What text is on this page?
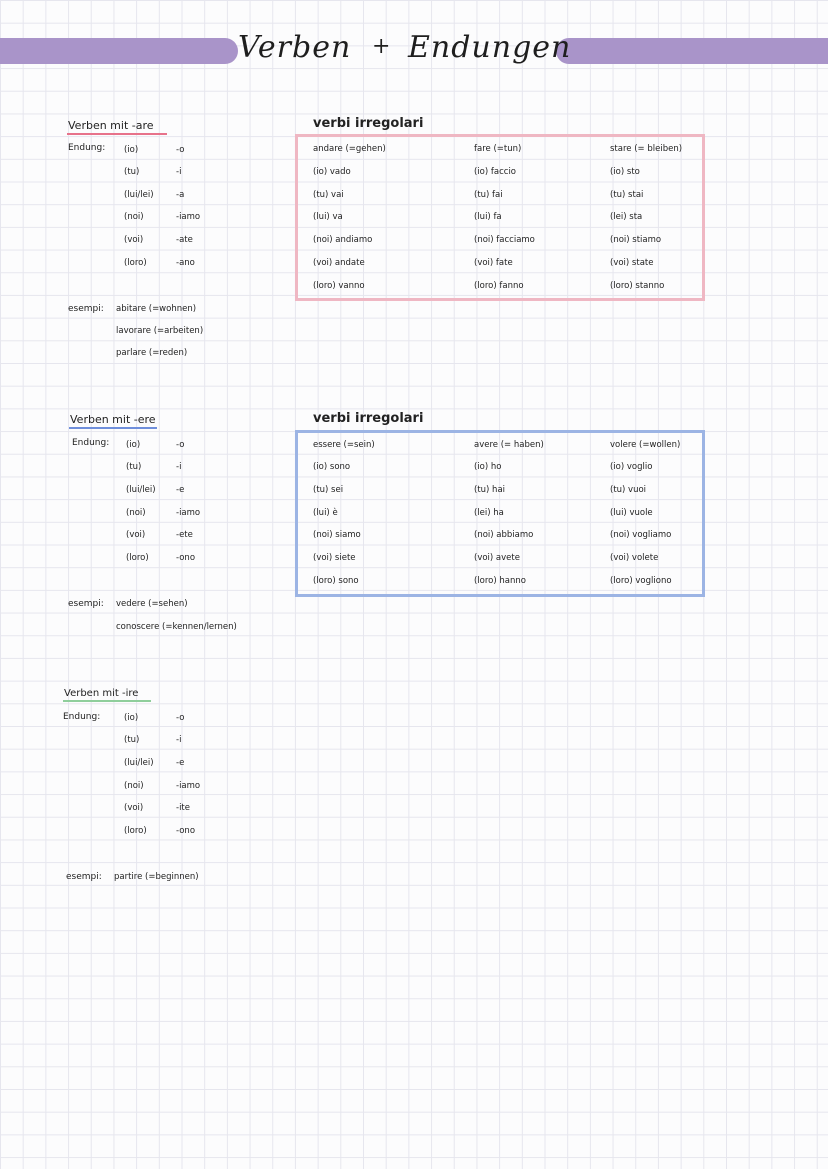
Verben + Endungen
Verben mit -are
Endung: (io)
(tu)
(lui/lei)
(noi)
(voi)
(loro)
-o
-i
-a
-iamo
-ate
-ano
esempi: abitare (=wohnen)
lavorare (=arbeiten)
parlare (=reden)
verbi irregolari
andare (=gehen)
(io) vado
(tu) vai
(lui) va
(noi) andiamo
(voi) andate
(loro) vanno
fare (=tun)
(io) faccio
(tu) fai
(lui) fa
(noi) facciamo
(voi) fate
(loro) fanno
stare (= bleiben)
(io) sto
(tu) stai
(lei) sta
(noi) stiamo
(voi) state
(loro) stanno
Verben mit -ere
Endung: (io)
(tu)
(lui/lei)
(noi)
(voi)
(loro)
-o
-i
-e
-iamo
-ete
-ono
esempi: vedere (=sehen)
conoscere (=kennen/lernen)
verbi irregolari
essere (=sein)
(io) sono
(tu) sei
(lui) è
(noi) siamo
(voi) siete
(loro) sono
avere (= haben)
(io) ho
(tu) hai
(lei) ha
(noi) abbiamo
(voi) avete
(loro) hanno
volere (=wollen)
(io) voglio
(tu) vuoi
(lui) vuole
(noi) vogliamo
(voi) volete
(loro) vogliono
Verben mit -ire
Endung:	(io)
(tu)
(lui/lei)
(noi)
(voi)
(loro)
-o
-i
-e
-iamo
-ite
-ono
esempi: partire (=beginnen)
